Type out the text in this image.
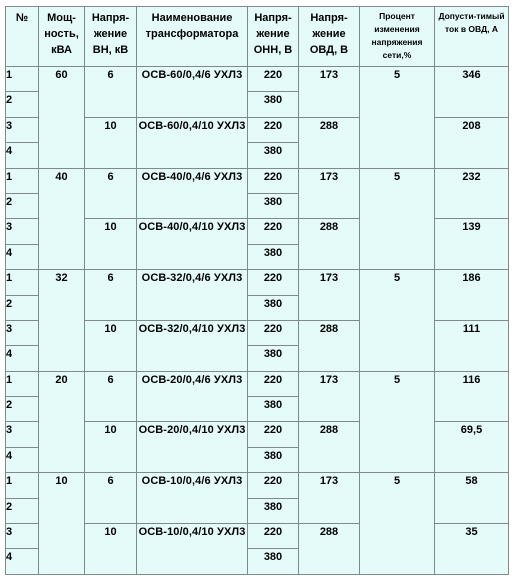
№	Мощ-ность, кВА	Напря-жение ВН, кВ	Наименование трансформатора	Напря-жение ОНН, В	Напря-жение ОВД, В	Процент изменения напряжения сети,%	Допусти-тимый ток в ОВД, А
1	60	6	ОСВ-60/0,4/6 УХЛ3	220	173	5	346
2				380			
3		10	ОСВ-60/0,4/10 УХЛ3	220	288		208
4				380			
1	40	6	ОСВ-40/0,4/6 УХЛ3	220	173	5	232
2				380			
3		10	ОСВ-40/0,4/10 УХЛ3	220	288		139
4				380			
1	32	6	ОСВ-32/0,4/6 УХЛ3	220	173	5	186
2				380			
3		10	ОСВ-32/0,4/10 УХЛ3	220	288		111
4				380			
1	20	6	ОСВ-20/0,4/6 УХЛ3	220	173	5	116
2				380			
3		10	ОСВ-20/0,4/10 УХЛ3	220	288		69,5
4				380			
1	10	6	ОСВ-10/0,4/6 УХЛ3	220	173	5	58
2				380			
3		10	ОСВ-10/0,4/10 УХЛ3	220	288		35
4				380			
